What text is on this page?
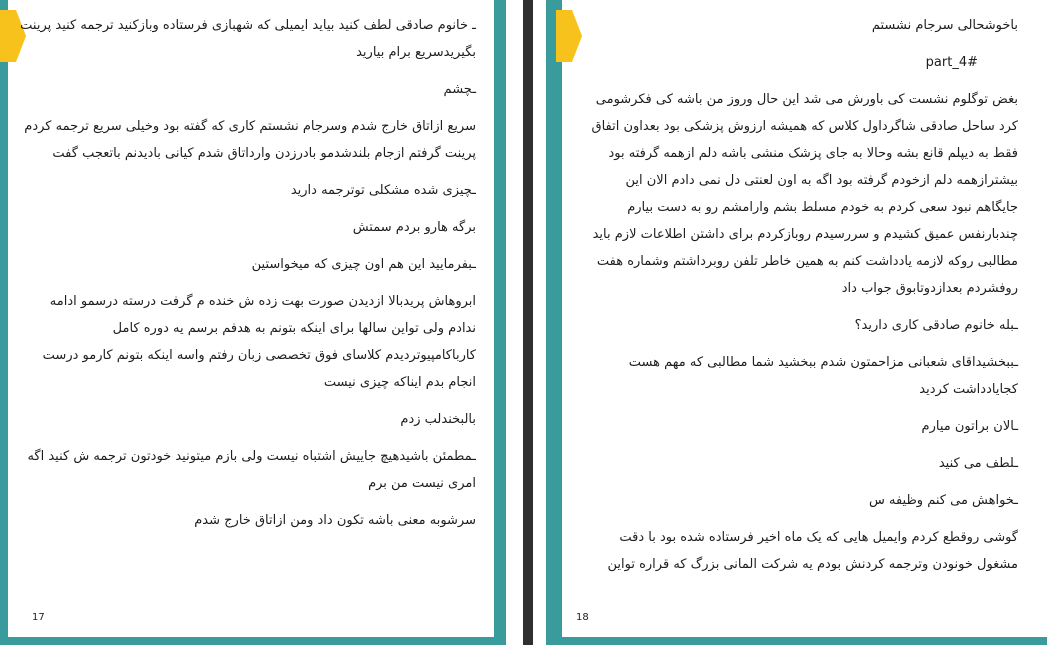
ـ خانوم صادقی لطف کنید بیاید ایمیلی که شهبازی فرستاده وبازکنید ترجمه کنید پرینت بگیریدسریع برام بیارید

ـچشم

سریع ازاتاق خارج شدم وسرجام نشستم کاری که گفته بود وخیلی سریع ترجمه کردم پرینت گرفتم ازجام بلندشدمو بادرزدن وارداتاق شدم کیانی بادیدنم باتعجب گفت

ـچیزی شده مشکلی توترجمه دارید

برگه هارو بردم سمتش

ـبفرمایید این هم اون چیزی که میخواستین

ابروهاش پریدبالا ازدیدن صورت بهت زده ش خنده م گرفت درسته درسمو ادامه ندادم ولی تواین سالها برای اینکه بتونم به هدفم برسم یه دوره کامل کارباکامپیوتردیدم کلاسای فوق تخصصی زبان رفتم واسه اینکه بتونم کارمو درست انجام بدم ایناکه چیزی نیست

بالبخندلب زدم

ـمطمئن باشیدهیچ جاییش اشتباه نیست ولی بازم میتونید خودتون ترجمه ش کنید اگه امری نیست من برم

سرشوبه معنی باشه تکون داد ومن ازاتاق خارج شدم

17

باخوشحالی سرجام نشستم

part_4#

بغض توگلوم نشست کی باورش می شد این حال وروز من باشه کی فکرشومی کرد ساحل صادقی شاگرداول کلاس که همیشه ارزوش پزشکی بود بعداون اتفاق فقط به دیپلم قانع بشه وحالا به جای پزشک منشی باشه دلم ازهمه گرفته بود بیشترازهمه دلم ازخودم گرفته بود اگه به اون لعنتی دل نمی دادم الان این جایگاهم نبود سعی کردم به خودم مسلط بشم وارامشم رو به دست بیارم چندبارنفس عمیق کشیدم و سررسیدم روبازکردم برای داشتن اطلاعات لازم باید مطالبی روکه لازمه یادداشت کنم به همین خاطر تلفن روبرداشتم وشماره هفت روفشردم بعدازدوتابوق جواب داد

ـبله خانوم صادقی کاری دارید؟

ـببخشیداقای شعبانی مزاحمتون شدم ببخشید شما مطالبی که مهم هست کجایادداشت کردید

ـالان براتون میارم

ـلطف می کنید

ـخواهش می کنم وظیفه س

گوشی روقطع کردم وایمیل هایی که یک ماه اخیر فرستاده شده بود با دقت مشغول خونودن وترجمه کردنش بودم یه شرکت المانی بزرگ که قراره تواین

18
